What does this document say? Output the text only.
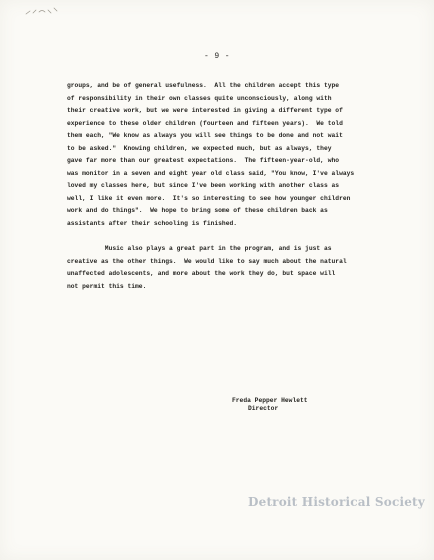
- 9 -
groups, and be of general usefulness.  All the children accept this type
of responsibility in their own classes quite unconsciously, along with
their creative work, but we were interested in giving a different type of
experience to these older children (fourteen and fifteen years).  We told
them each, "We know as always you will see things to be done and not wait
to be asked."  Knowing children, we expected much, but as always, they
gave far more than our greatest expectations.  The fifteen-year-old, who
was monitor in a seven and eight year old class said, "You know, I've always
loved my classes here, but since I've been working with another class as
well, I like it even more.  It's so interesting to see how younger children
work and do things".  We hope to bring some of these children back as
assistants after their schooling is finished.
Music also plays a great part in the program, and is just as
creative as the other things.  We would like to say much about the natural
unaffected adolescents, and more about the work they do, but space will
not permit this time.
Freda Pepper Hewlett
Director
Detroit Historical Society
